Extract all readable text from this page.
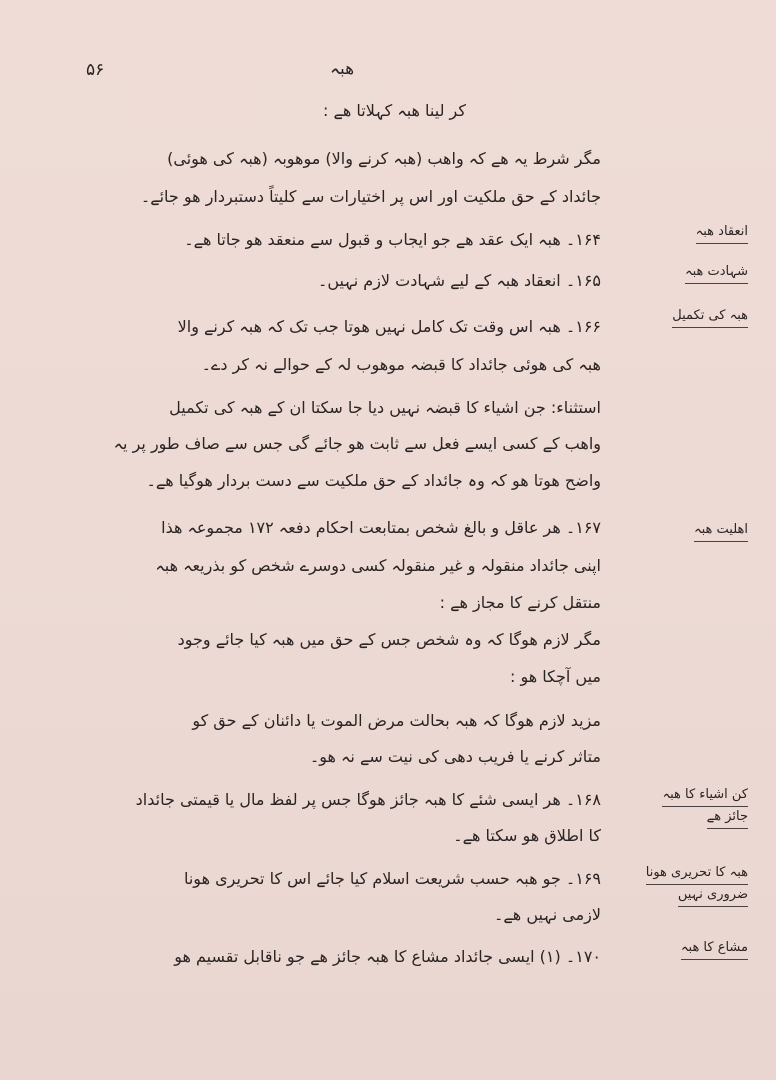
۵۶	ھبہ
کر لینا ھبہ کہلاتا ھے :
مگر شرط یہ ھے کہ واھب (ھبہ کرنے والا) موھوبہ (ھبہ کی ھوئی)
جائداد کے حق ملکیت اور اس پر اختیارات سے کلیتاً دستبردار ھو جائے۔
۱۶۴۔ ھبہ ایک عقد ھے جو ایجاب و قبول سے منعقد ھو جاتا ھے۔
۱۶۵۔ انعقاد ھبہ کے لیے شہادت لازم نہیں۔
۱۶۶۔ ھبہ اس وقت تک کامل نہیں ھوتا جب تک کہ ھبہ کرنے والا
ھبہ کی ھوئی جائداد کا قبضہ موھوب لہ کے حوالے نہ کر دے۔
استثناء: جن اشیاء کا قبضہ نہیں دیا جا سکتا ان کے ھبہ کی تکمیل
واھب کے کسی ایسے فعل سے ثابت ھو جائے گی جس سے صاف طور پر یہ
واضح ھوتا ھو کہ وہ جائداد کے حق ملکیت سے دست بردار ھوگیا ھے۔
۱۶۷۔ ھر عاقل و بالغ شخص بمتابعت احکام دفعہ ۱۷۲ مجموعہ ھذا
اپنی جائداد منقولہ و غیر منقولہ کسی دوسرے شخص کو بذریعہ ھبہ
منتقل کرنے کا مجاز ھے :
مگر لازم ھوگا کہ وہ شخص جس کے حق میں ھبہ کیا جائے وجود
میں آچکا ھو :
مزید لازم ھوگا کہ ھبہ بحالت مرض الموت یا دائنان کے حق کو
متاثر کرنے یا فریب دھی کی نیت سے نہ ھو۔
۱۶۸۔ ھر ایسی شئے کا ھبہ جائز ھوگا جس پر لفظ مال یا قیمتی جائداد
کا اطلاق ھو سکتا ھے۔
۱۶۹۔ جو ھبہ حسب شریعت اسلام کیا جائے اس کا تحریری ھونا
لازمی نہیں ھے۔
۱۷۰۔ (۱) ایسی جائداد مشاع کا ھبہ جائز ھے جو ناقابل تقسیم ھو
انعقاد ھبہ
شہادت ھبہ
ھبہ کی تکمیل
اھلیت ھبہ
کن اشیاء کا ھبہ جائز ھے
ھبہ کا تحریری ھونا ضروری نہیں
مشاع کا ھبہ
